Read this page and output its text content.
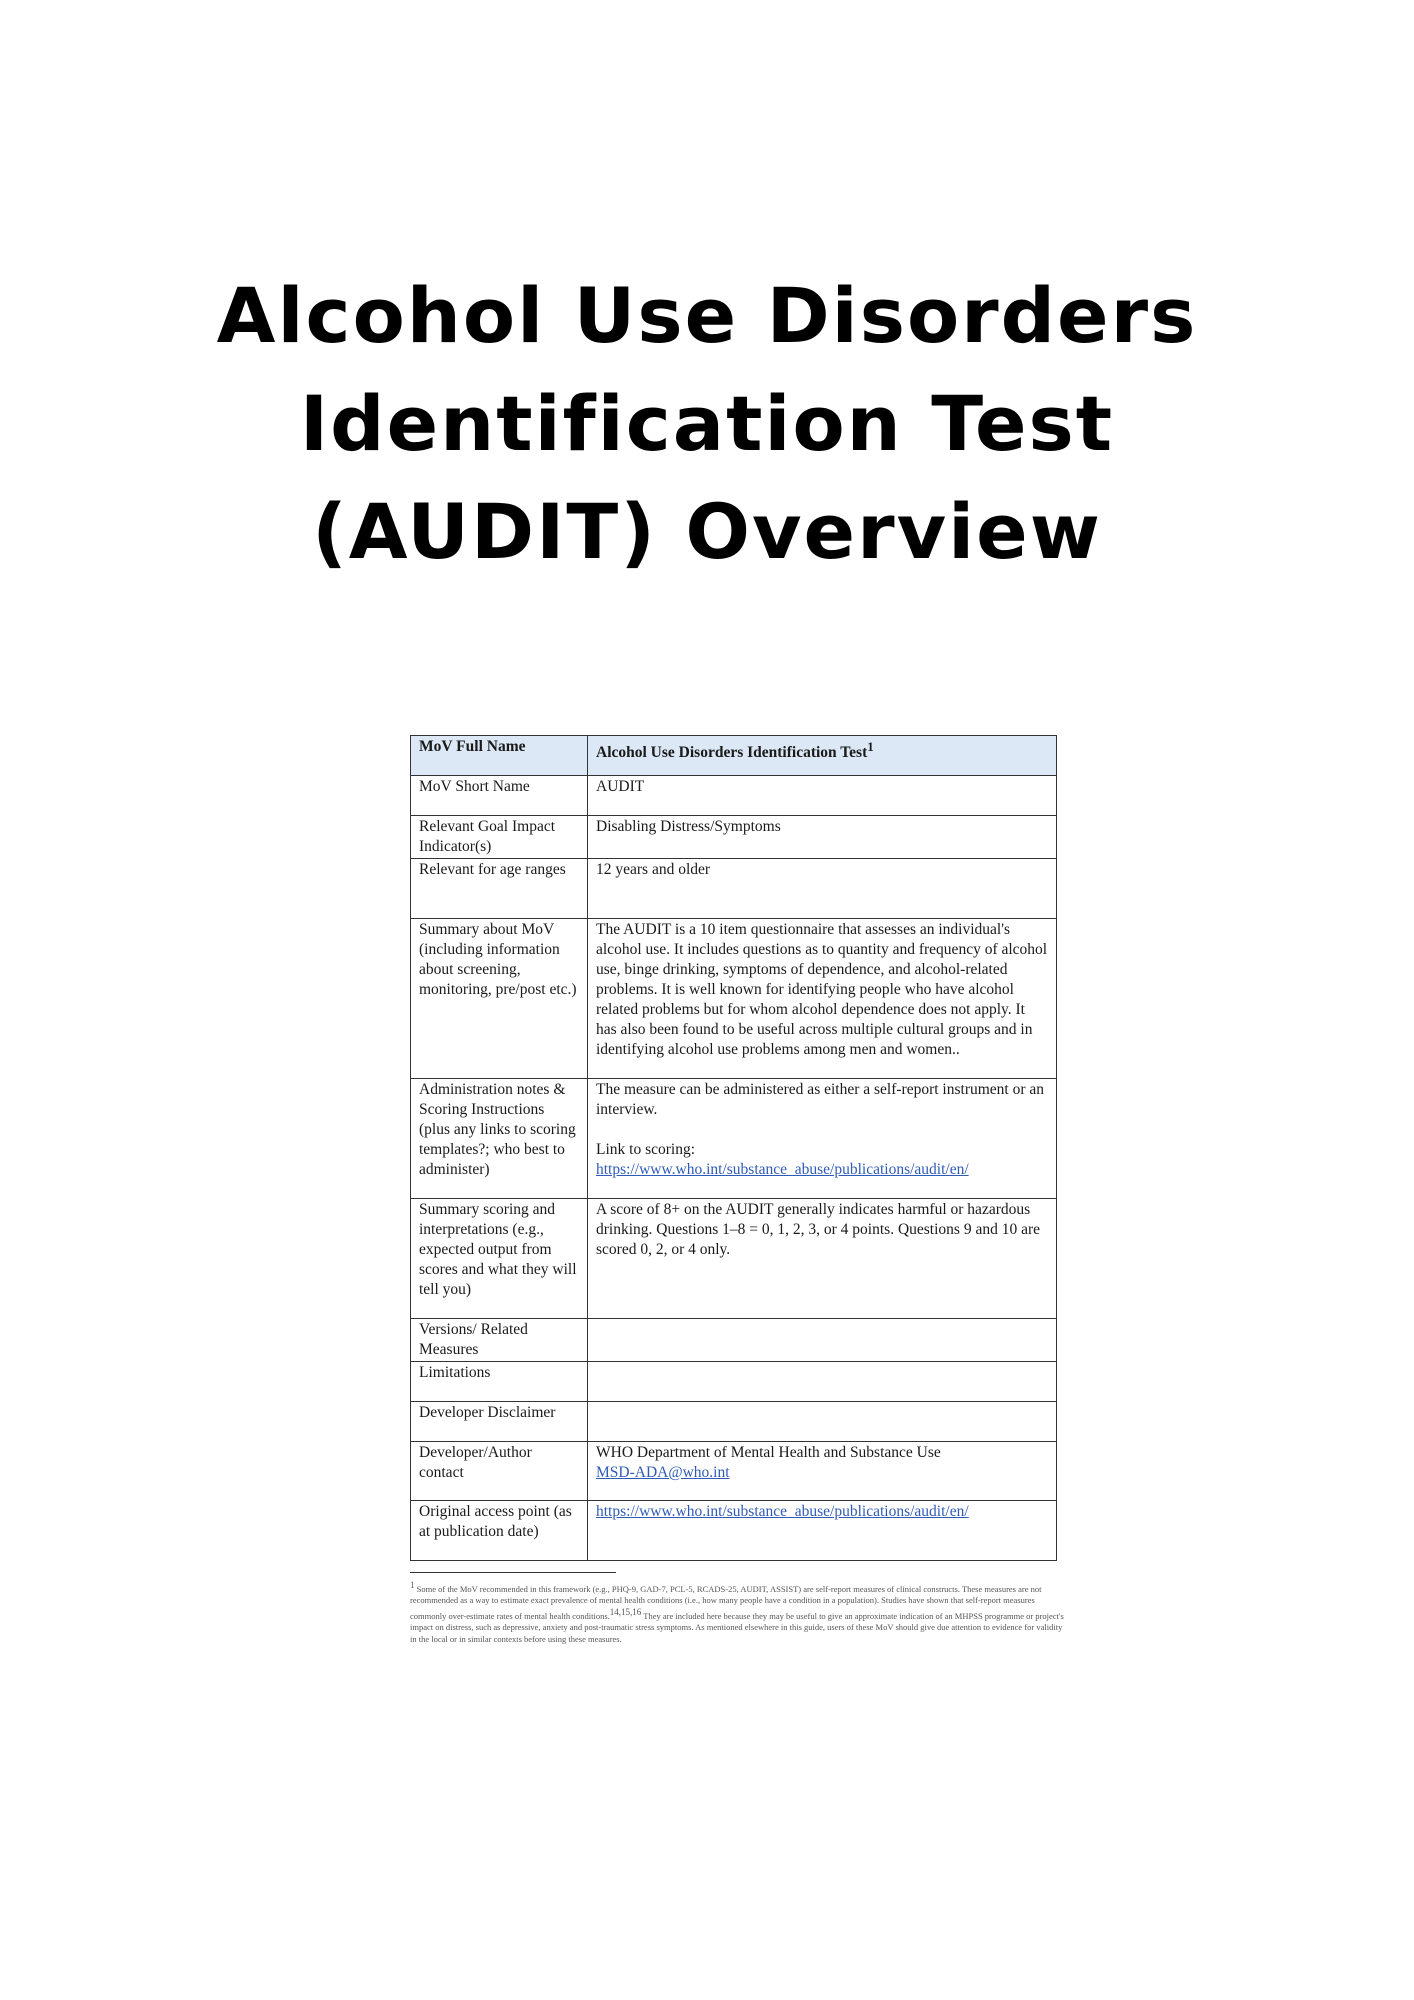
Alcohol Use Disorders
Identification Test
(AUDIT) Overview
MoV Full Name	Alcohol Use Disorders Identification Test$^1$
MoV Short Name	AUDIT
Relevant Goal Impact Indicator(s)	Disabling Distress/Symptoms
Relevant for age ranges	12 years and older
Summary about MoV (including information about screening, monitoring, pre/post etc.)	The AUDIT is a 10 item questionnaire that assesses an individual's alcohol use. It includes questions as to quantity and frequency of alcohol use, binge drinking, symptoms of dependence, and alcohol-related problems. It is well known for identifying people who have alcohol related problems but for whom alcohol dependence does not apply. It has also been found to be useful across multiple cultural groups and in identifying alcohol use problems among men and women..
Administration notes & Scoring Instructions (plus any links to scoring templates?; who best to administer)	The measure can be administered as either a self-report instrument or an interview.
Link to scoring:
https://www.who.int/substance_abuse/publications/audit/en/
Summary scoring and interpretations (e.g., expected output from scores and what they will tell you)	A score of 8+ on the AUDIT generally indicates harmful or hazardous drinking. Questions 1–8 = 0, 1, 2, 3, or 4 points. Questions 9 and 10 are scored 0, 2, or 4 only.
Versions/ Related Measures	
Limitations	
Developer Disclaimer	
Developer/Author contact	WHO Department of Mental Health and Substance Use
MSD-ADA@who.int
Original access point (as at publication date)	https://www.who.int/substance_abuse/publications/audit/en/

$^1$ Some of the MoV recommended in this framework (e.g., PHQ-9, GAD-7, PCL-5, RCADS-25, AUDIT, ASSIST) are self-report measures of clinical constructs. These measures are not recommended as a way to estimate exact prevalence of mental health conditions (i.e., how many people have a condition in a population). Studies have shown that self-report measures commonly over-estimate rates of mental health conditions.$^{14,15,16}$ They are included here because they may be useful to give an approximate indication of an MHPSS programme or project's impact on distress, such as depressive, anxiety and post-traumatic stress symptoms. As mentioned elsewhere in this guide, users of these MoV should give due attention to evidence for validity in the local or in similar contexts before using these measures.
